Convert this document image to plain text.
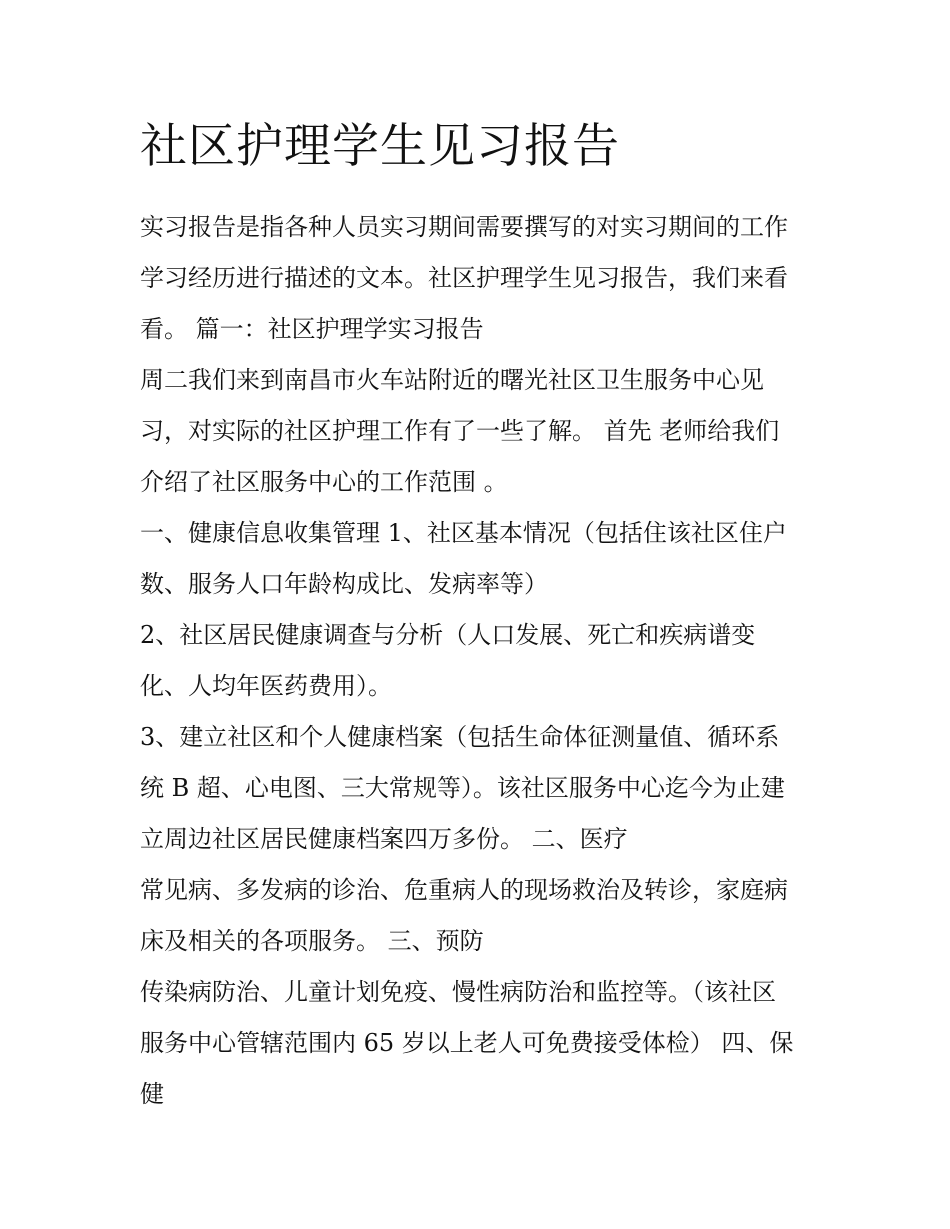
社区护理学生见习报告
实习报告是指各种人员实习期间需要撰写的对实习期间的工作
学习经历进行描述的文本。社区护理学生见习报告，我们来看
看。 篇一：社区护理学实习报告
周二我们来到南昌市火车站附近的曙光社区卫生服务中心见
习，对实际的社区护理工作有了一些了解。 首先 老师给我们
介绍了社区服务中心的工作范围 。
一、健康信息收集管理 1、社区基本情况（包括住该社区住户
数、服务人口年龄构成比、发病率等）
2、社区居民健康调查与分析（人口发展、死亡和疾病谱变
化、人均年医药费用）。
3、建立社区和个人健康档案（包括生命体征测量值、循环系
统 B 超、心电图、三大常规等）。该社区服务中心迄今为止建
立周边社区居民健康档案四万多份。 二、医疗
常见病、多发病的诊治、危重病人的现场救治及转诊，家庭病
床及相关的各项服务。 三、预防
传染病防治、儿童计划免疫、慢性病防治和监控等。（该社区
服务中心管辖范围内 65 岁以上老人可免费接受体检） 四、保
健
